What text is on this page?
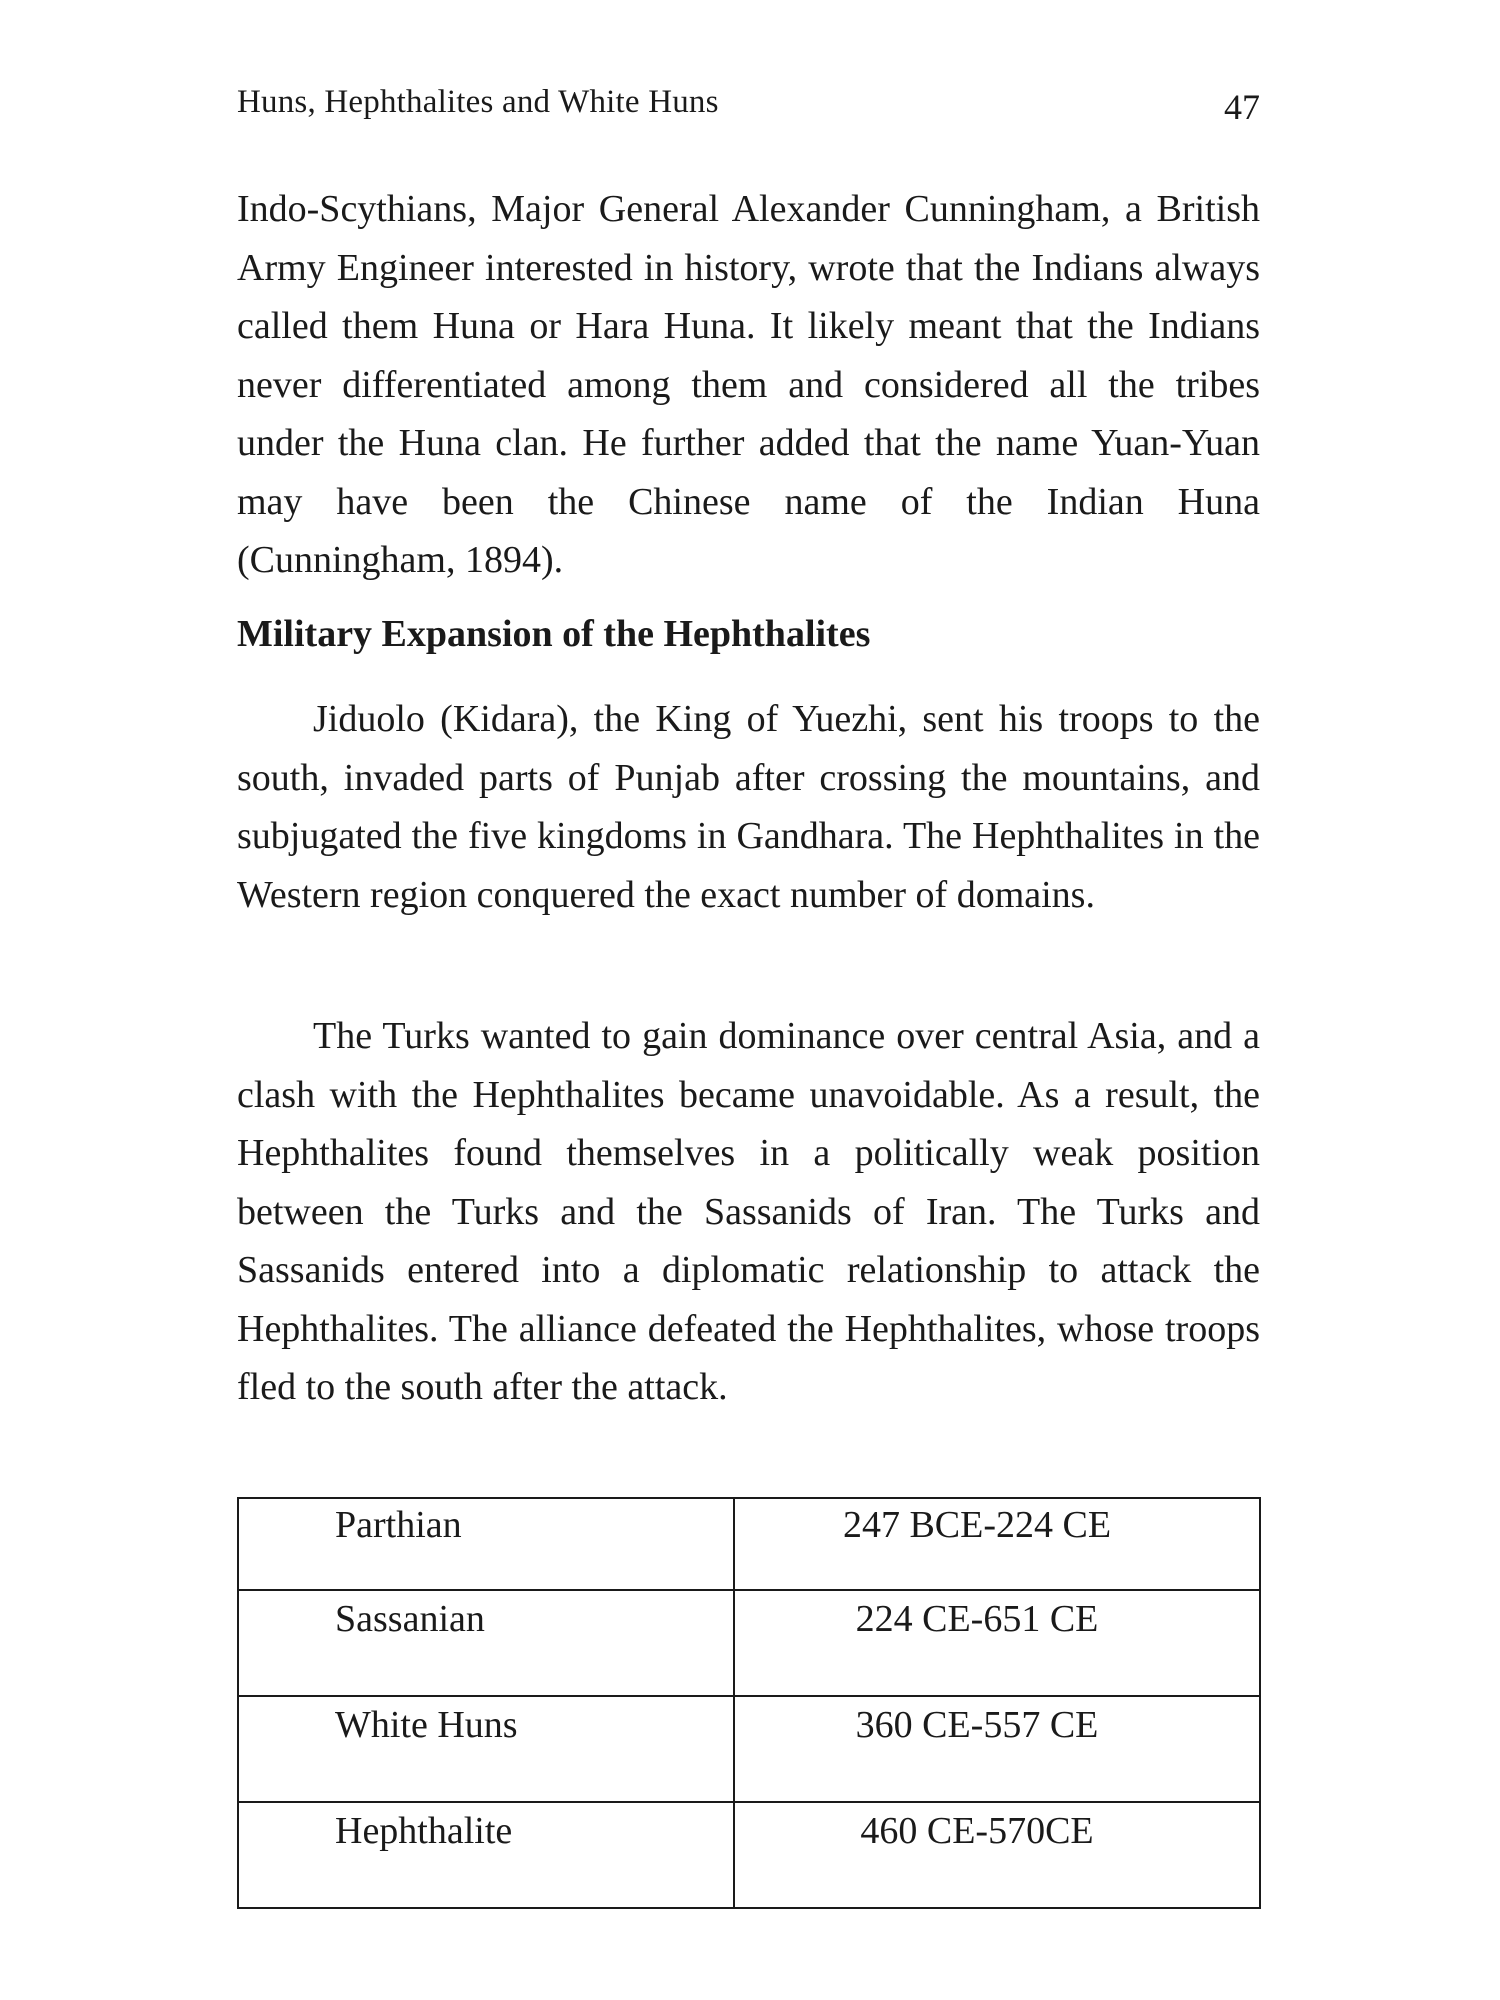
Huns, Hephthalites and White Huns	47

Indo-Scythians, Major General Alexander Cunningham, a British Army Engineer interested in history, wrote that the Indians always called them Huna or Hara Huna. It likely meant that the Indians never differentiated among them and considered all the tribes under the Huna clan. He further added that the name Yuan-Yuan may have been the Chinese name of the Indian Huna (Cunningham, 1894).

Military Expansion of the Hephthalites

Jiduolo (Kidara), the King of Yuezhi, sent his troops to the south, invaded parts of Punjab after crossing the mountains, and subjugated the five kingdoms in Gandhara. The Hephthalites in the Western region conquered the exact number of domains.

The Turks wanted to gain dominance over central Asia, and a clash with the Hephthalites became unavoidable. As a result, the Hephthalites found themselves in a politically weak position between the Turks and the Sassanids of Iran. The Turks and Sassanids entered into a diplomatic relationship to attack the Hephthalites. The alliance defeated the Hephthalites, whose troops fled to the south after the attack.

Parthian	247 BCE-224 CE
Sassanian	224 CE-651 CE
White Huns	360 CE-557 CE
Hephthalite	460 CE-570CE
